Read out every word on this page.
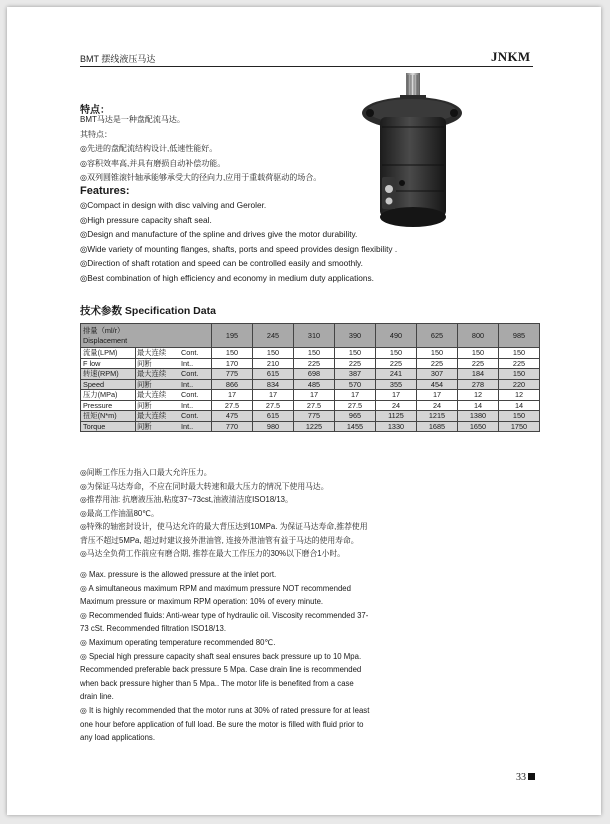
BMT 摆线液压马达	JNKM
特点：
BMT马达是一种盘配流马达。
其特点：
◎先进的盘配流结构设计,低速性能好。
◎容积效率高,并具有磨损自动补偿功能。
◎双列圆锥滚针轴承能够承受大的径向力,应用于重载荷驱动的场合。
Features:
◎Compact in design with disc valving and Geroler.
◎High pressure capacity shaft seal.
◎Design and manufacture of the spline and drives give the motor durability.
◎Wide variety of mounting flanges, shafts, ports and speed provides design flexibility .
◎Direction of shaft rotation and speed can be controlled easily and smoothly.
◎Best combination of high efficiency and economy in medium duty applications.
技术参数 Specification Data
排量（ml/r）
Displacement			195	245	310	390	490	625	800	985
流量(LPM)	最大连续	Cont.	150	150	150	150	150	150	150	150
F low	间断	Int..	170	210	225	225	225	225	225	225
转速(RPM)	最大连续	Cont.	775	615	698	387	241	307	184	150
Speed	间断	Int..	866	834	485	570	355	454	278	220
压力(MPa)	最大连续	Cont.	17	17	17	17	17	17	12	12
Pressure	间断	Int..	27.5	27.5	27.5	27.5	24	24	14	14
扭矩(N*m)	最大连续	Cont.	475	615	775	965	1125	1215	1380	150
Torque	间断	Int..	770	980	1225	1455	1330	1685	1650	1750
◎间断工作压力指入口最大允许压力。
◎为保证马达寿命，不应在同时最大转速和最大压力的情况下使用马达。
◎推荐用油: 抗磨液压油,粘度37~73cst,油液清洁度ISO18/13。
◎最高工作油温80℃。
◎特殊的轴密封设计，使马达允许的最大背压达到10MPa. 为保证马达寿命,推荐使用
背压不超过5MPa, 超过时建议接外泄油管, 连接外泄油管有益于马达的使用寿命。
◎马达全负荷工作前应有磨合期, 推荐在最大工作压力的30%以下磨合1小时。
◎ Max. pressure is the allowed pressure at the inlet port.
◎ A simultaneous maximum RPM and maximum pressure NOT recommended
Maximum pressure or maximum RPM operation: 10% of every minute.
◎ Recommended fluids: Anti-wear type of hydraulic oil. Viscosity recommended 37-
73 cSt. Recommended filtration ISO18/13.
◎ Maximum operating temperature recommended 80℃.
◎ Special high pressure capacity shaft seal ensures back pressure up to 10 Mpa.
Recommended preferable back pressure 5 Mpa. Case drain line is recommended
when back pressure higher than 5 Mpa.. The motor life is benefited from a case
drain line.
◎ It is highly recommended that the motor runs at 30% of rated pressure for at least
one hour before application of full load. Be sure the motor is filled with fluid prior to
any load applications.
33
